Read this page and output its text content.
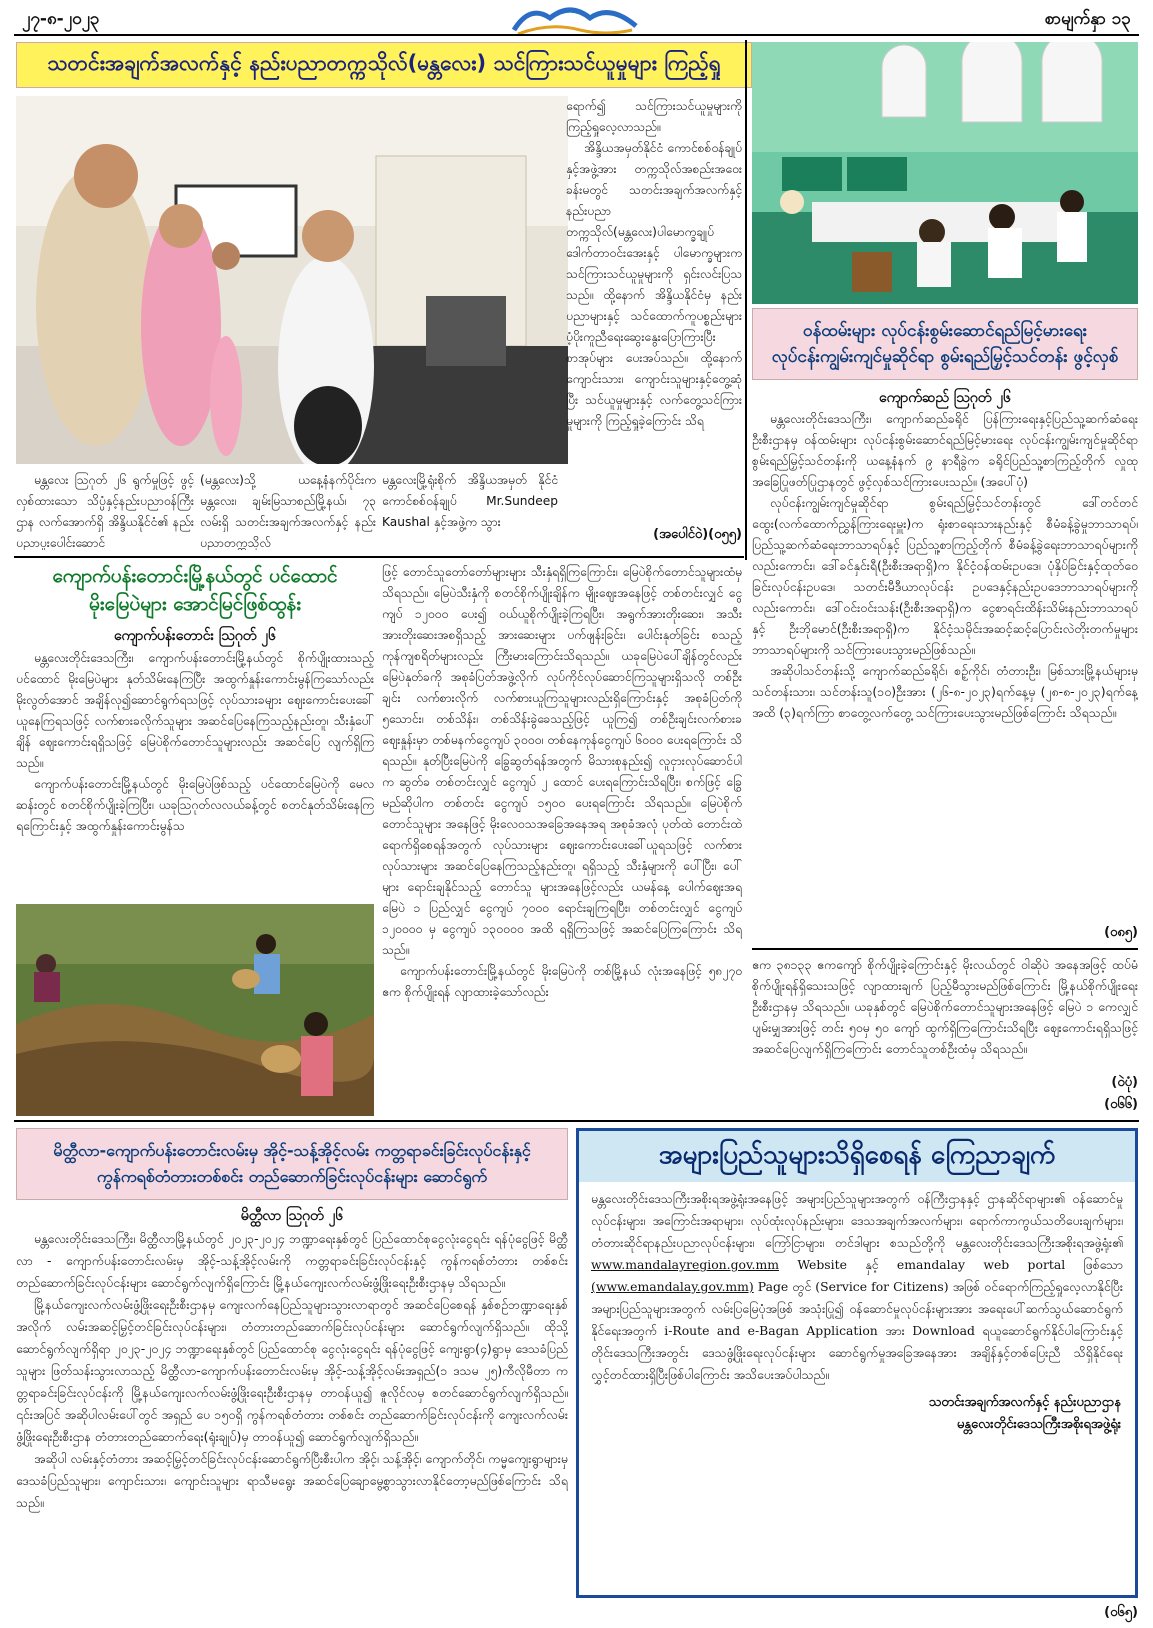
၂၇-၈-၂၀၂၃	စာမျက်နှာ ၁၃
သတင်းအချက်အလက်နှင့် နည်းပညာတက္ကသိုလ်(မန္တလေး) သင်ကြားသင်ယူမှုများ ကြည့်ရှု

မန္တလေး ဩဂုတ် ၂၆ ရွက်မှုဖြင့် ဖွင့်လှစ်ထားသော သိပ္ပံနှင့်နည်းပညာဝန်ကြီး ဌာန လက်အောက်ရှိ အိန္ဒိယနိုင်ငံ၏ နည်းပညာပူးပေါင်းဆောင်

(မန္တလေး)သို့ ယနေ့နံနက်ပိုင်းက မန္တလေး၊ ချမ်းမြသာစည်မြို့နယ်၊ ၇၃ လမ်းရှိ သတင်းအချက်အလက်နှင့် နည်းပညာတက္ကသိုလ်

မန္တလေးမြို့ရုံးစိုက် အိန္ဒိယအမှတ် နိုင်ငံကောင်စစ်ဝန်ချုပ် Mr.Sundeep Kaushal နှင့်အဖွဲ့က သွား

ရောက်၍ သင်ကြားသင်ယူမှုများကို ကြည့်ရှုလေ့လာသည်။

အိန္ဒိယအမှတ်နိုင်ငံ ကောင်စစ်ဝန်ချုပ်နှင့်အဖွဲ့အား တက္ကသိုလ်အစည်းအဝေးခန်းမတွင် သတင်းအချက်အလက်နှင့်နည်းပညာတက္ကသိုလ်(မန္တလေး)ပါမောက္ခချုပ် ဒေါက်တာဝင်းအေးနှင့် ပါမောက္ခများက သင်ကြားသင်ယူမှုများကို ရှင်းလင်းပြသသည်။ ထို့နောက် အိန္ဒိယနိုင်ငံမှ နည်းပညာများနှင့် သင်ထောက်ကူပစ္စည်းများ ပံ့ပိုးကူညီရေးဆွေးနွေးပြောကြားပြီး စာအုပ်များ ပေးအပ်သည်။ ထို့နောက် ကျောင်းသား၊ ကျောင်းသူများနှင့်တွေ့ဆုံပြီး သင်ယူမှုများနှင့် လက်တွေ့သင်ကြားမှုများကို ကြည့်ရှုခဲ့ကြောင်း သိရ

(အပေါင်ဝဲ)(၀၅၅)
ဝန်ထမ်းများ လုပ်ငန်းစွမ်းဆောင်ရည်မြင့်မားရေး
လုပ်ငန်းကျွမ်းကျင်မှုဆိုင်ရာ စွမ်းရည်မြှင့်သင်တန်း ဖွင့်လှစ်
ကျောက်ဆည် ဩဂုတ် ၂၆

မန္တလေးတိုင်းဒေသကြီး၊ ကျောက်ဆည်ခရိုင် ပြန်ကြားရေးနှင့်ပြည်သူ့ဆက်ဆံရေးဦးစီးဌာနမှ ဝန်ထမ်းများ လုပ်ငန်းစွမ်းဆောင်ရည်မြင့်မားရေး လုပ်ငန်းကျွမ်းကျင်မှုဆိုင်ရာ စွမ်းရည်မြှင့်သင်တန်းကို ယနေ့နံနက် ၉ နာရီခွဲက ခရိုင်ပြည်သူ့စာကြည့်တိုက် လှုထုအခြေပြုဖတ်ပြုဌာနတွင် ဖွင့်လှစ်သင်ကြားပေးသည်။ (အပေါ်ပုံ)

လုပ်ငန်းကျွမ်းကျင်မှုဆိုင်ရာ စွမ်းရည်မြှင့်သင်တန်းတွင် ဒေါ်တင်တင်ထွေး(လက်ထောက်ညွှန်ကြားရေးမှူး)က ရုံးစာရေးသားနည်းနှင့် စီမံခန့်ခွဲမှုဘာသာရပ်၊ ပြည်သူ့ဆက်ဆံရေးဘာသာရပ်နှင့် ပြည်သူ့စာကြည့်တိုက် စီမံခန့်ခွဲရေးဘာသာရပ်များကိုလည်းကောင်း၊ ဒေါ်ခင်နှင်းရီ(ဦးစီးအရာရှိ)က နိုင်ငံ့ဝန်ထမ်းဥပဒေ၊ ပုံနှိပ်ခြင်းနှင့်ထုတ်ဝေခြင်းလုပ်ငန်းဥပဒေ၊ သတင်းမီဒီယာလုပ်ငန်း ဥပဒေနှင့်နည်းဥပဒေဘာသာရပ်များကိုလည်းကောင်း၊ ဒေါ်ဝင်းဝင်းသန်း(ဦးစီးအရာရှိ)က ငွေစာရင်းထိန်းသိမ်းနည်းဘာသာရပ်နှင့် ဦးဘိုမောင်(ဦးစီးအရာရှိ)က နိုင်ငံ့သမိုင်းအဆင့်ဆင့်ပြောင်းလဲတိုးတက်မှုများ ဘာသာရပ်များကို သင်ကြားပေးသွားမည်ဖြစ်သည်။

အဆိုပါသင်တန်းသို့ ကျောက်ဆည်ခရိုင်၊ စဉ့်ကိုင်၊ တံတားဦး၊ မြစ်သားမြို့နယ်များမှ သင်တန်းသား၊ သင်တန်းသူ(၁၀)ဦးအား (၂၆-၈-၂၀၂၃)ရက်နေ့မှ (၂၈-၈-၂၀၂၃)ရက်နေ့အထိ (၃)ရက်ကြာ စာတွေ့လက်တွေ့ သင်ကြားပေးသွားမည်ဖြစ်ကြောင်း သိရသည်။

(၀၈၅)
ကျောက်ပန်းတောင်းမြို့နယ်တွင် ပင်ထောင်
မိုးမြေပဲများ အောင်မြင်ဖြစ်ထွန်း
ကျောက်ပန်းတောင်း ဩဂုတ် ၂၆

မန္တလေးတိုင်းဒေသကြီး၊ ကျောက်ပန်းတောင်းမြို့နယ်တွင် စိုက်ပျိုးထားသည့် ပင်ထောင် မိုးမြေပဲများ နုတ်သိမ်းနေကြပြီး အထွက်နှုန်းကောင်းမွန်ကြသော်လည်း မိုးလွတ်အောင် အချိန်လု၍ဆောင်ရွက်ရသဖြင့် လုပ်သားခများ ဈေးကောင်းပေးခေါ်ယူနေကြရသဖြင့် လက်စားခလိုက်သူများ အဆင်ပြေနေကြသည့်နည်းတူ၊ သီးနှံပေါ်ချိန် ဈေးကောင်းရရှိသဖြင့် မြေပဲစိုက်တောင်သူများလည်း အဆင်ပြေ လျက်ရှိကြသည်။

ကျောက်ပန်းတောင်းမြို့နယ်တွင် မိုးမြေပဲဖြစ်သည့် ပင်ထောင်မြေပဲကို မေလဆန်းတွင် စတင်စိုက်ပျိုးခဲ့ကြပြီး၊ ယခုဩဂုတ်လလယ်ခန့်တွင် စတင်နုတ်သိမ်းနေကြရကြောင်းနှင့် အထွက်နှုန်းကောင်းမွန်သ

ဖြင့် တောင်သူတော်တော်များများ သီးနှံရရှိကြကြောင်း၊ မြေပဲစိုက်တောင်သူများထံမှ သိရသည်။ မြေပဲသီးနှံကို စတင်စိုက်ပျိုးချိန်က မျိုးဈေးအနေဖြင့် တစ်တင်းလျှင် ငွေကျပ် ၁၂၀၀၀ ပေး၍ ဝယ်ယူစိုက်ပျိုးခဲ့ကြရပြီး၊ အရွက်အားတိုးဆေး၊ အသီးအားတိုးဆေးအစရှိသည့် အားဆေးများ ပက်ဖျန်းခြင်း၊ ပေါင်းနုတ်ခြင်း စသည့် ကုန်ကျစရိတ်များလည်း ကြီးမားကြောင်းသိရသည်။ ယခုမြေပဲပေါ်ချိန်တွင်လည်း မြေပဲနုတ်ခကို အစုခံပြတ်အဖွဲ့လိုက် လုပ်ကိုင်လုပ်ဆောင်ကြသူများရှိသလို တစ်ဦးချင်း လက်စားလိုက် လက်စားယူကြသူများလည်းရှိကြောင်းနှင့် အစုခံပြတ်ကို ၅သောင်း၊ တစ်သိန်း၊ တစ်သိန်းခွဲခေသည့်ဖြင့် ယူကြ၍ တစ်ဦးချင်းလက်စားခ ဈေးနှုန်းမှာ တစ်မနက်ငွေကျပ် ၃၀၀၀၊ တစ်နေကုန်ငွေကျပ် ၆၀၀၀ ပေးရကြောင်း သိရသည်။ နုတ်ပြီးမြေပဲကို ခြွေဆွတ်ရန်အတွက် မိသားစုနည်း၍ လူငှားလုပ်ဆောင်ပါက ဆွတ်ခ တစ်တင်းလျှင် ငွေကျပ် ၂ ထောင် ပေးရကြောင်းသိရပြီး၊ စက်ဖြင့် ခြွေမည်ဆိုပါက တစ်တင်း ငွေကျပ် ၁၅၀၀ ပေးရကြောင်း သိရသည်။ မြေပဲစိုက်တောင်သူများ အနေဖြင့် မိုးလေဝသအခြေအနေအရ အစုခံအလုံ ပုတ်ထဲ တောင်းထဲ ရောက်ရှိစေရန်အတွက် လုပ်သားများ ဈေးကောင်းပေးခေါ်ယူရသဖြင့် လက်စားလုပ်သားများ အဆင်ပြေနေကြသည့်နည်းတူ၊ ရရှိသည့် သီးနှံများကို ပေါ်ပြီး၊ ပေါ်များ ရောင်းချနိုင်သည့် တောင်သူ များအနေဖြင့်လည်း ယမန်နေ့ ပေါက်ဈေးအရ မြေပဲ ၁ ပြည်လျှင် ငွေကျပ် ၇၀၀၀ ရောင်းချကြရပြီး၊ တစ်တင်းလျှင် ငွေကျပ် ၁၂၀၀၀၀ မှ ငွေကျပ် ၁၃၀၀၀၀ အထိ ရရှိကြသဖြင့် အဆင်ပြေကြကြောင်း သိရသည်။

ကျောက်ပန်းတောင်းမြို့နယ်တွင် မိုးမြေပဲကို တစ်မြို့နယ် လုံးအနေဖြင့် ၅၈၂၇၀ ဧက စိုက်ပျိုးရန် လျာထားခဲ့သော်လည်း

ဧက ၃၈၁၃၃ ဧကကျော် စိုက်ပျိုးခဲ့ကြောင်းနှင့် မိုးလယ်တွင် ဝါဆိုပဲ အနေအဖြင့် ထပ်မံစိုက်ပျိုးရန်ရှိသေးသဖြင့် လျာထားချက် ပြည့်မီသွားမည်ဖြစ်ကြောင်း မြို့နယ်စိုက်ပျိုးရေးဦးစီးဌာနမှ သိရသည်။ ယခုနှစ်တွင် မြေပဲစိုက်တောင်သူများအနေဖြင့် မြေပဲ ၁ ကေလျှင် ပျမ်းမျှအားဖြင့် တင်း ၅၀မှ ၅၀ ကျော် ထွက်ရှိကြကြောင်းသိရပြီး ဈေးကောင်းရရှိသဖြင့် အဆင်ပြေလျက်ရှိကြကြောင်း တောင်သူတစ်ဦးထံမှ သိရသည်။

(ဝဲပုံ)
(၀၆၆)
မိတ္ထီလာ-ကျောက်ပန်းတောင်းလမ်းမှ အိုင့်-သန့်အိုင့်လမ်း ကတ္တရာခင်းခြင်းလုပ်ငန်းနှင့်
ကွန်ကရစ်တံတားတစ်စင်း တည်ဆောက်ခြင်းလုပ်ငန်းများ ဆောင်ရွက်
မိတ္ထီလာ ဩဂုတ် ၂၆

မန္တလေးတိုင်းဒေသကြီး၊ မိတ္ထီလာမြို့နယ်တွင် ၂၀၂၃-၂၀၂၄ ဘဏ္ဍာရေးနှစ်တွင် ပြည်ထောင်စုငွေလုံးငွေရင်း ရန်ပုံငွေဖြင့် မိတ္ထီလာ - ကျောက်ပန်းတောင်းလမ်းမှ အိုင့်-သန့်အိုင့်လမ်းကို ကတ္တရာခင်းခြင်းလုပ်ငန်းနှင့် ကွန်ကရစ်တံတား တစ်စင်း တည်ဆောက်ခြင်းလုပ်ငန်းများ ဆောင်ရွက်လျက်ရှိကြောင်း မြို့နယ်ကျေးလက်လမ်းဖွံ့ဖြိုးရေးဦးစီးဌာနမှ သိရသည်။

မြို့နယ်ကျေးလက်လမ်းဖွံ့ဖြိုးရေးဦးစီးဌာနမှ ကျေးလက်နေပြည်သူများသွားလာရာတွင် အဆင်ပြေစေရန် နှစ်စဉ်ဘဏ္ဍာရေးနှစ်အလိုက် လမ်းအဆင့်မြှင့်တင်ခြင်းလုပ်ငန်းများ၊ တံတားတည်ဆောက်ခြင်းလုပ်ငန်းများ ဆောင်ရွက်လျက်ရှိသည်။ ထိုသို့ဆောင်ရွက်လျက်ရှိရာ ၂၀၂၃-၂၀၂၄ ဘဏ္ဍာရေးနှစ်တွင် ပြည်ထောင်စု ငွေလုံးငွေရင်း ရန်ပုံငွေဖြင့် ကျေးရွာ(၄)ရွာမှ ဒေသခံပြည်သူများ ဖြတ်သန်းသွားလာသည့် မိတ္ထီလာ-ကျောက်ပန်းတောင်းလမ်းမှ အိုင့်-သန့်အိုင့်လမ်းအရှည်(၁ ဒသမ ၂၅)ကီလိုမီတာ ကတ္တရာခင်းခြင်းလုပ်ငန်းကို မြို့နယ်ကျေးလက်လမ်းဖွံ့ဖြိုးရေးဦးစီးဌာနမှ တာဝန်ယူ၍ ဇူလိုင်လမှ စတင်ဆောင်ရွက်လျက်ရှိသည်။ ၎င်းအပြင် အဆိုပါလမ်းပေါ်တွင် အရှည် ပေ ၁၅၀ရှိ ကွန်ကရစ်တံတား တစ်စင်း တည်ဆောက်ခြင်းလုပ်ငန်းကို ကျေးလက်လမ်းဖွံ့ဖြိုးရေးဦးစီးဌာန တံတားတည်ဆောက်ရေး(ရုံးချုပ်)မှ တာဝန်ယူ၍ ဆောင်ရွက်လျက်ရှိသည်။

အဆိုပါ လမ်းနှင့်တံတား အဆင့်မြှင့်တင်ခြင်းလုပ်ငန်းဆောင်ရွက်ပြီးစီးပါက အိုင့်၊ သန့်အိုင့်၊ ကျောက်တိုင်၊ ကမ္မကျေးရွာများမှ ဒေသခံပြည်သူများ၊ ကျောင်းသား၊ ကျောင်းသူများ ရာသီမရွေး အဆင်ပြေချောမွေ့စွာသွားလာနိုင်တော့မည်ဖြစ်ကြောင်း သိရသည်။

(၀၆၅)
အများပြည်သူများသိရှိစေရန် ကြေညာချက်
မန္တလေးတိုင်းဒေသကြီးအစိုးရအဖွဲ့ရုံးအနေဖြင့် အများပြည်သူများအတွက် ဝန်ကြီးဌာနနှင့် ဌာနဆိုင်ရာများ၏ ဝန်ဆောင်မှုလုပ်ငန်းများ၊ အကြောင်းအရာများ၊ လုပ်ထုံးလုပ်နည်းများ၊ ဒေသအချက်အလက်များ၊ ရောက်ကာကွယ်သတိပေးချက်များ၊ တံတားဆိုင်ရာနည်းပညာလုပ်ငန်းများ၊ ကြော်ငြာများ၊ တင်ဒါများ စသည်တို့ကို မန္တလေးတိုင်းဒေသကြီးအစိုးရအဖွဲ့ရုံး၏ www.mandalayregion.gov.mm Website နှင့် emandalay web portal ဖြစ်သော (www.emandalay.gov.mm) Page တွင် (Service for Citizens) အဖြစ် ဝင်ရောက်ကြည့်ရှုလေ့လာနိုင်ပြီး အများပြည်သူများအတွက် လမ်းပြမြေပုံအဖြစ် အသုံးပြု၍ ဝန်ဆောင်မှုလုပ်ငန်းများအား အရေးပေါ်ဆက်သွယ်ဆောင်ရွက်နိုင်ရေးအတွက် i-Route and e-Bagan Application အား Download ရယူဆောင်ရွက်နိုင်ပါကြောင်းနှင့် တိုင်းဒေသကြီးအတွင်း ဒေသဖွံ့ဖြိုးရေးလုပ်ငန်းများ ဆောင်ရွက်မှုအခြေအနေအား အချိန်နှင့်တစ်ပြေးညီ သိရှိနိုင်ရေး လွှင့်တင်ထားရှိပြီးဖြစ်ပါကြောင်း အသိပေးအပ်ပါသည်။
သတင်းအချက်အလက်နှင့် နည်းပညာဌာန
မန္တလေးတိုင်းဒေသကြီးအစိုးရအဖွဲ့ရုံး
